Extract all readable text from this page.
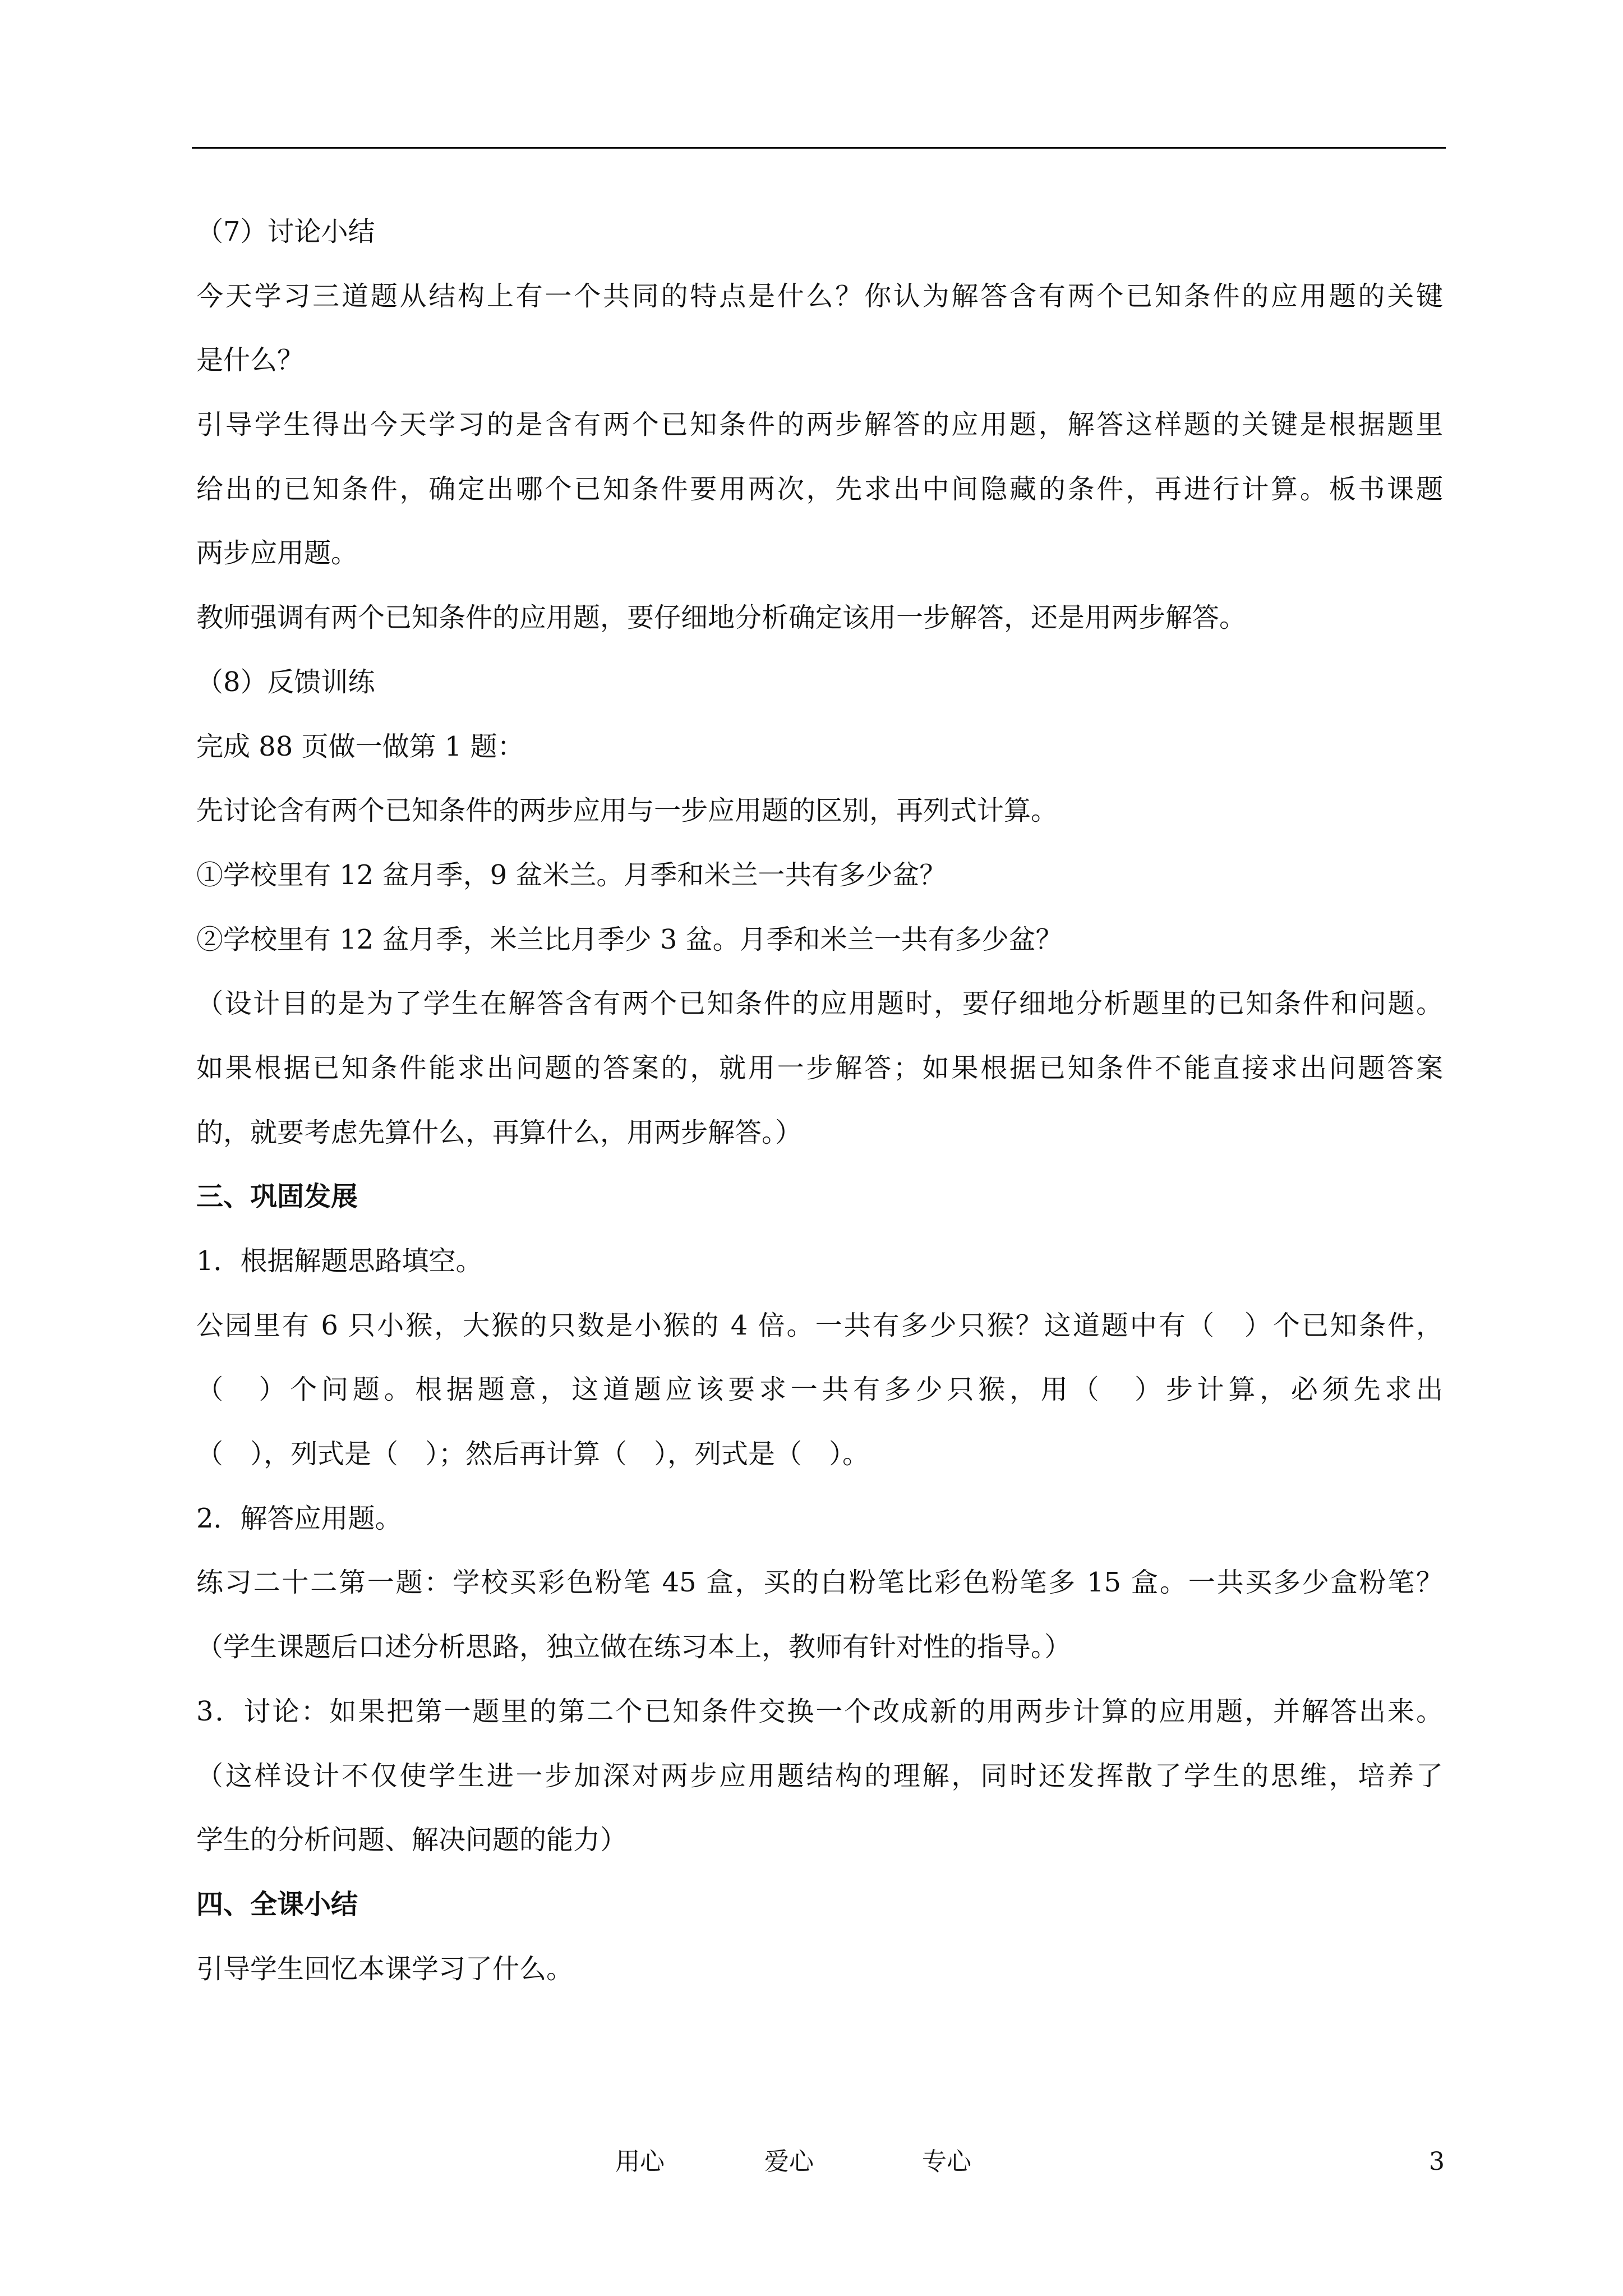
（7）讨论小结
今天学习三道题从结构上有一个共同的特点是什么？你认为解答含有两个已知条件的应用题的关键
是什么？
引导学生得出今天学习的是含有两个已知条件的两步解答的应用题，解答这样题的关键是根据题里
给出的已知条件，确定出哪个已知条件要用两次，先求出中间隐藏的条件，再进行计算。板书课题
两步应用题。
教师强调有两个已知条件的应用题，要仔细地分析确定该用一步解答，还是用两步解答。
（8）反馈训练
完成 88 页做一做第 1 题：
先讨论含有两个已知条件的两步应用与一步应用题的区别，再列式计算。
①学校里有 12 盆月季，9 盆米兰。月季和米兰一共有多少盆？
②学校里有 12 盆月季，米兰比月季少 3 盆。月季和米兰一共有多少盆？
（设计目的是为了学生在解答含有两个已知条件的应用题时，要仔细地分析题里的已知条件和问题。
如果根据已知条件能求出问题的答案的，就用一步解答；如果根据已知条件不能直接求出问题答案
的，就要考虑先算什么，再算什么，用两步解答。）
三、巩固发展
1．根据解题思路填空。
公园里有 6 只小猴，大猴的只数是小猴的 4 倍。一共有多少只猴？这道题中有（　）个已知条件，
（　）个问题。根据题意，这道题应该要求一共有多少只猴，用（　）步计算，必须先求出
（　），列式是（　）；然后再计算（　），列式是（　）。
2．解答应用题。
练习二十二第一题：学校买彩色粉笔 45 盒，买的白粉笔比彩色粉笔多 15 盒。一共买多少盒粉笔？
（学生课题后口述分析思路，独立做在练习本上，教师有针对性的指导。）
3．讨论：如果把第一题里的第二个已知条件交换一个改成新的用两步计算的应用题，并解答出来。
（这样设计不仅使学生进一步加深对两步应用题结构的理解，同时还发挥散了学生的思维，培养了
学生的分析问题、解决问题的能力）
四、全课小结
引导学生回忆本课学习了什么。
用心	爱心	专心	3
